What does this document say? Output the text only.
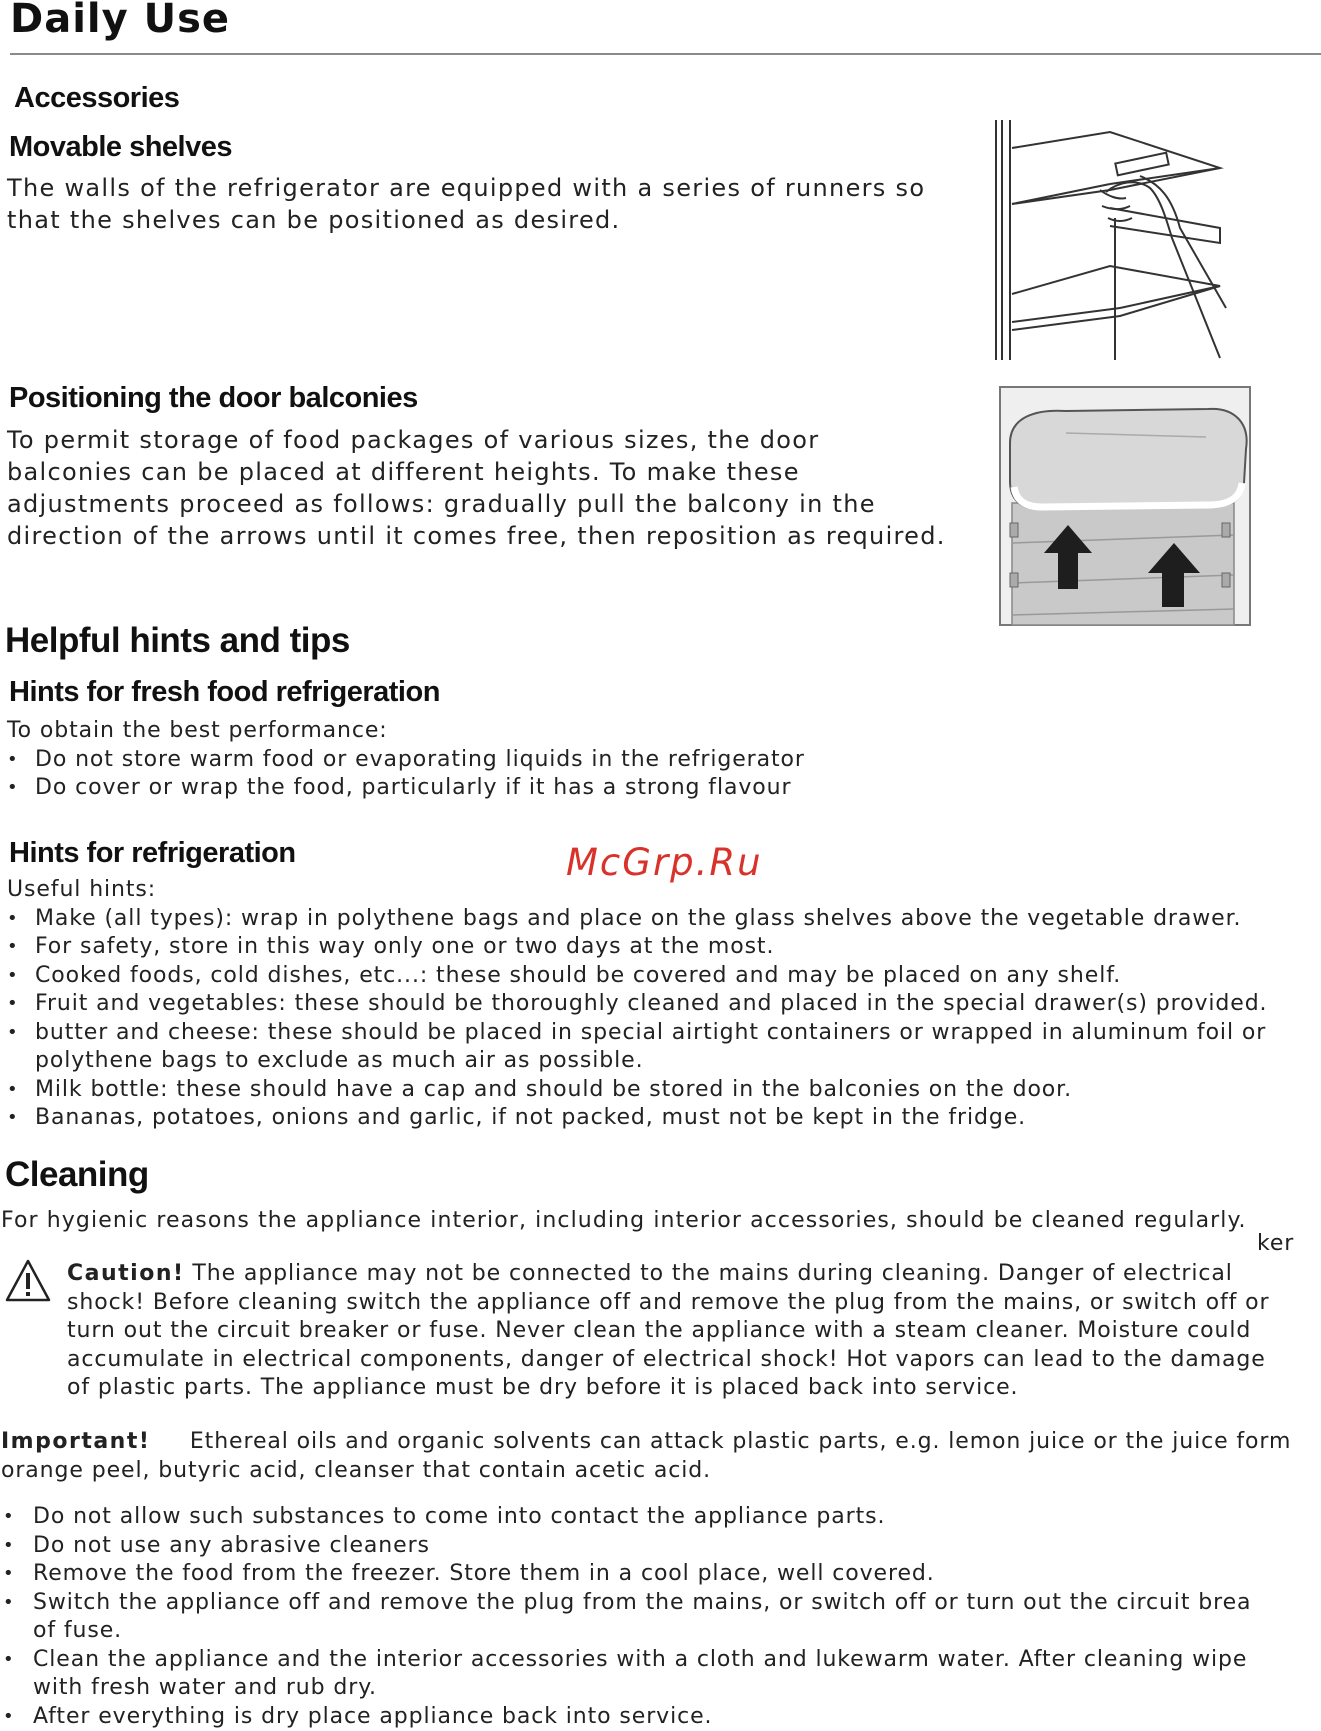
Daily Use
Accessories
Movable shelves
The walls of the refrigerator are equipped with a series of runners so
that the shelves can be positioned as desired.
Positioning the door balconies
To permit storage of food packages of various sizes, the door
balconies can be placed at different heights. To make these
adjustments proceed as follows: gradually pull the balcony in the
direction of the arrows until it comes free, then reposition as required.
Helpful hints and tips
Hints for fresh food refrigeration
To obtain the best performance:
• Do not store warm food or evaporating liquids in the refrigerator
• Do cover or wrap the food, particularly if it has a strong flavour
Hints for refrigeration	McGrp.Ru
Useful hints:
• Make (all types): wrap in polythene bags and place on the glass shelves above the vegetable drawer.
• For safety, store in this way only one or two days at the most.
• Cooked foods, cold dishes, etc...: these should be covered and may be placed on any shelf.
• Fruit and vegetables: these should be thoroughly cleaned and placed in the special drawer(s) provided.
• butter and cheese: these should be placed in special airtight containers or wrapped in aluminum foil or
polythene bags to exclude as much air as possible.
• Milk bottle: these should have a cap and should be stored in the balconies on the door.
• Bananas, potatoes, onions and garlic, if not packed, must not be kept in the fridge.
Cleaning
For hygienic reasons the appliance interior, including interior accessories, should be cleaned regularly.
ker
Caution! The appliance may not be connected to the mains during cleaning. Danger of electrical
shock! Before cleaning switch the appliance off and remove the plug from the mains, or switch off or
turn out the circuit breaker or fuse. Never clean the appliance with a steam cleaner. Moisture could
accumulate in electrical components, danger of electrical shock! Hot vapors can lead to the damage
of plastic parts. The appliance must be dry before it is placed back into service.
Important!     Ethereal oils and organic solvents can attack plastic parts, e.g. lemon juice or the juice form
orange peel, butyric acid, cleanser that contain acetic acid.
• Do not allow such substances to come into contact the appliance parts.
• Do not use any abrasive cleaners
• Remove the food from the freezer. Store them in a cool place, well covered.
• Switch the appliance off and remove the plug from the mains, or switch off or turn out the circuit brea
of fuse.
• Clean the appliance and the interior accessories with a cloth and lukewarm water. After cleaning wipe
with fresh water and rub dry.
• After everything is dry place appliance back into service.
